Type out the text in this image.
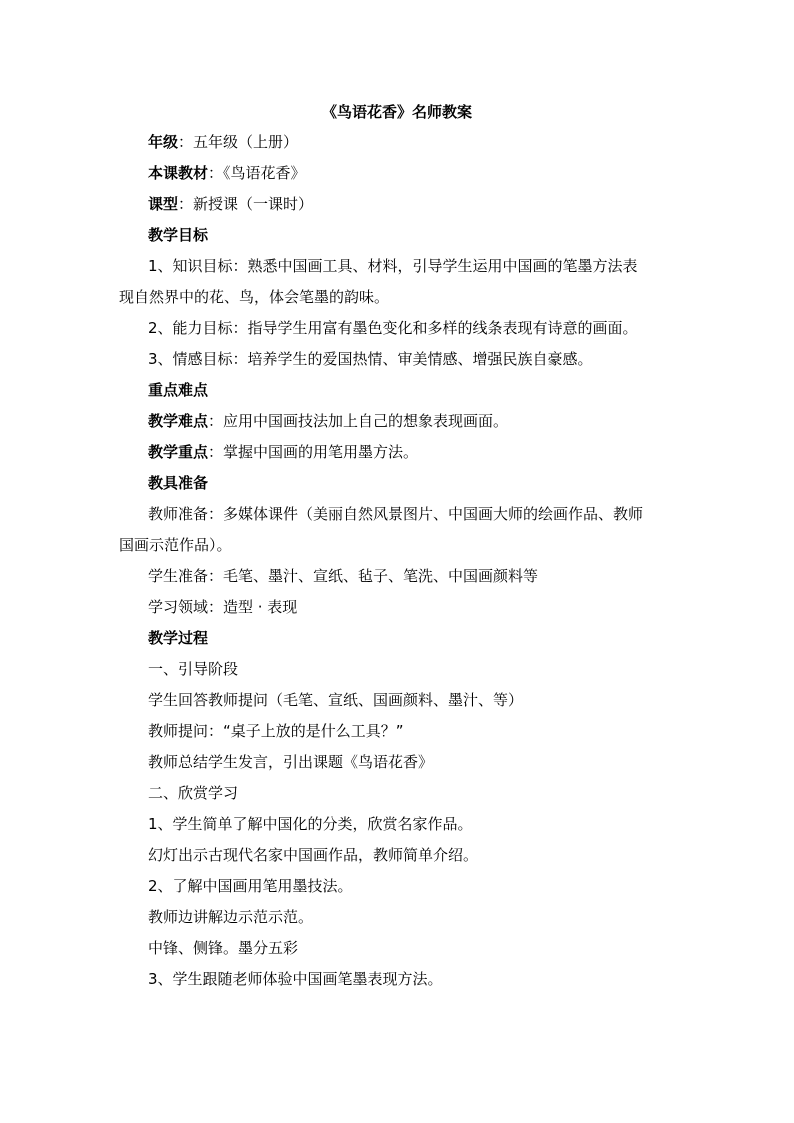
《鸟语花香》名师教案
年级：五年级（上册）
本课教材：《鸟语花香》
课型：新授课（一课时）
教学目标
1、知识目标：熟悉中国画工具、材料，引导学生运用中国画的笔墨方法表
现自然界中的花、鸟，体会笔墨的韵味。
2、能力目标：指导学生用富有墨色变化和多样的线条表现有诗意的画面。
3、情感目标：培养学生的爱国热情、审美情感、增强民族自豪感。
重点难点
教学难点：应用中国画技法加上自己的想象表现画面。
教学重点：掌握中国画的用笔用墨方法。
教具准备
教师准备：多媒体课件（美丽自然风景图片、中国画大师的绘画作品、教师
国画示范作品）。
学生准备：毛笔、墨汁、宣纸、毡子、笔洗、中国画颜料等
学习领域：造型 · 表现
教学过程
一、引导阶段
学生回答教师提问（毛笔、宣纸、国画颜料、墨汁、等）
教师提问：“桌子上放的是什么工具？”
教师总结学生发言，引出课题《鸟语花香》
二、欣赏学习
1、学生简单了解中国化的分类，欣赏名家作品。
幻灯出示古现代名家中国画作品，教师简单介绍。
2、了解中国画用笔用墨技法。
教师边讲解边示范示范。
中锋、侧锋。墨分五彩
3、学生跟随老师体验中国画笔墨表现方法。
